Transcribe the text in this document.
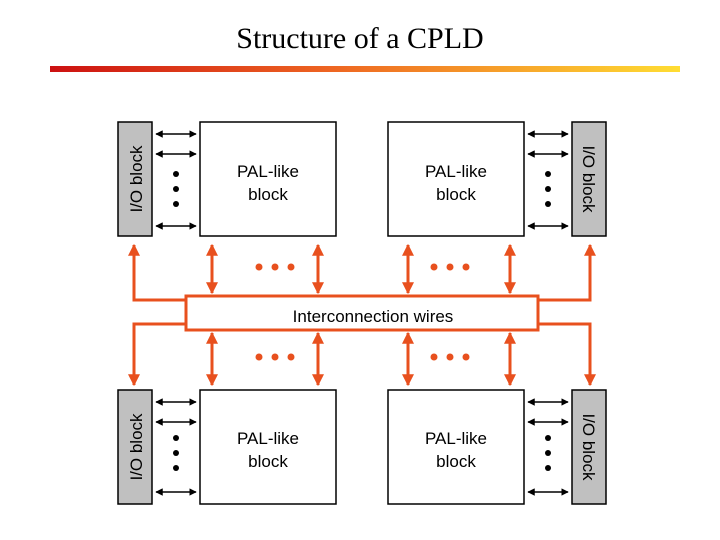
Structure of a CPLD
Interconnection wires
PAL-like
block
PAL-like
block
PAL-like
block
PAL-like
block
I/O block	I/O block
I/O block	I/O block
